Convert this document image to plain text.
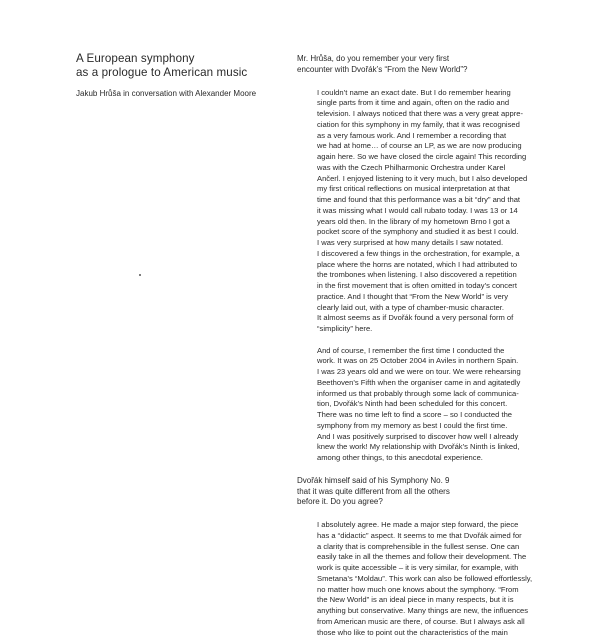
A European symphony
as a prologue to American music

Jakub Hrůša in conversation with Alexander Moore

Mr. Hrůša, do you remember your very first
encounter with Dvořák’s “From the New World”?

I couldn’t name an exact date. But I do remember hearing
single parts from it time and again, often on the radio and
television. I always noticed that there was a very great appre-
ciation for this symphony in my family, that it was recognised
as a very famous work. And I remember a recording that
we had at home… of course an LP, as we are now producing
again here. So we have closed the circle again! This recording
was with the Czech Philharmonic Orchestra under Karel
Ančerl. I enjoyed listening to it very much, but I also developed
my first critical reflections on musical interpretation at that
time and found that this performance was a bit “dry” and that
it was missing what I would call rubato today. I was 13 or 14
years old then. In the library of my hometown Brno I got a
pocket score of the symphony and studied it as best I could.
I was very surprised at how many details I saw notated.
I discovered a few things in the orchestration, for example, a
place where the horns are notated, which I had attributed to
the trombones when listening. I also discovered a repetition
in the first movement that is often omitted in today’s concert
practice. And I thought that “From the New World” is very
clearly laid out, with a type of chamber-music character.
It almost seems as if Dvořák found a very personal form of
“simplicity” here.

And of course, I remember the first time I conducted the
work. It was on 25 October 2004 in Aviles in northern Spain.
I was 23 years old and we were on tour. We were rehearsing
Beethoven’s Fifth when the organiser came in and agitatedly
informed us that probably through some lack of communica-
tion, Dvořák’s Ninth had been scheduled for this concert.
There was no time left to find a score – so I conducted the
symphony from my memory as best I could the first time.
And I was positively surprised to discover how well I already
knew the work! My relationship with Dvořák’s Ninth is linked,
among other things, to this anecdotal experience.

Dvořák himself said of his Symphony No. 9
that it was quite different from all the others
before it. Do you agree?

I absolutely agree. He made a major step forward, the piece
has a “didactic” aspect. It seems to me that Dvořák aimed for
a clarity that is comprehensible in the fullest sense. One can
easily take in all the themes and follow their development. The
work is quite accessible – it is very similar, for example, with
Smetana’s “Moldau”. This work can also be followed effortlessly,
no matter how much one knows about the symphony. “From
the New World” is an ideal piece in many respects, but it is
anything but conservative. Many things are new, the influences
from American music are there, of course. But I always ask all
those who like to point out the characteristics of the main
